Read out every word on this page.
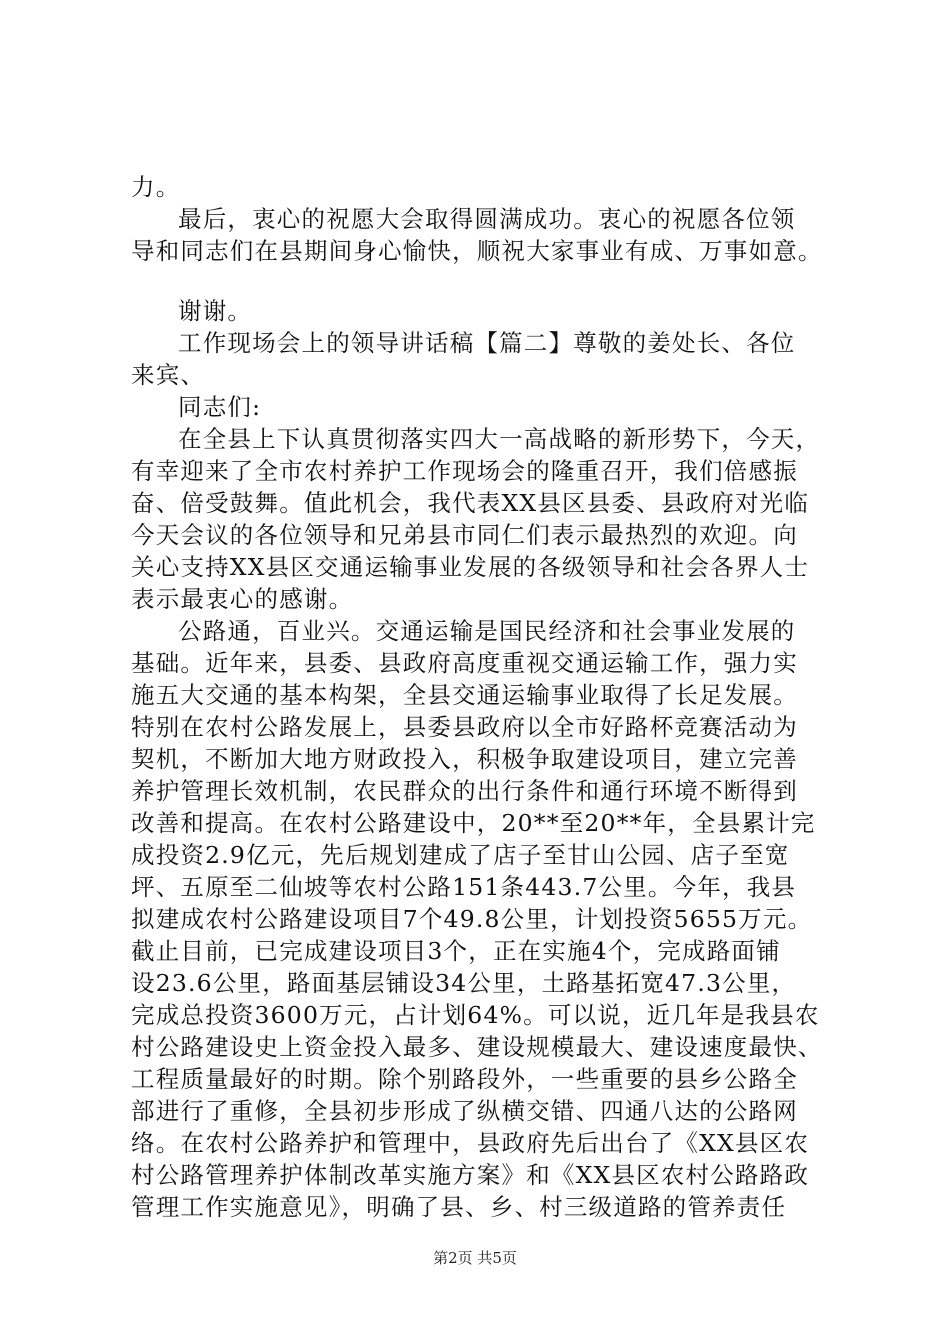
力。
最后，衷心的祝愿大会取得圆满成功。衷心的祝愿各位领
导和同志们在县期间身心愉快，顺祝大家事业有成、万事如意。
谢谢。
工作现场会上的领导讲话稿【篇二】尊敬的姜处长、各位
来宾、
同志们:
在全县上下认真贯彻落实四大一高战略的新形势下，今天，
有幸迎来了全市农村养护工作现场会的隆重召开，我们倍感振
奋、倍受鼓舞。值此机会，我代表XX县区县委、县政府对光临
今天会议的各位领导和兄弟县市同仁们表示最热烈的欢迎。向
关心支持XX县区交通运输事业发展的各级领导和社会各界人士
表示最衷心的感谢。
公路通，百业兴。交通运输是国民经济和社会事业发展的
基础。近年来，县委、县政府高度重视交通运输工作，强力实
施五大交通的基本构架，全县交通运输事业取得了长足发展。
特别在农村公路发展上，县委县政府以全市好路杯竞赛活动为
契机，不断加大地方财政投入，积极争取建设项目，建立完善
养护管理长效机制，农民群众的出行条件和通行环境不断得到
改善和提高。在农村公路建设中，20**至20**年，全县累计完
成投资2.9亿元，先后规划建成了店子至甘山公园、店子至宽
坪、五原至二仙坡等农村公路151条443.7公里。今年，我县
拟建成农村公路建设项目7个49.8公里，计划投资5655万元。
截止目前，已完成建设项目3个，正在实施4个，完成路面铺
设23.6公里，路面基层铺设34公里，土路基拓宽47.3公里，
完成总投资3600万元，占计划64%。可以说，近几年是我县农
村公路建设史上资金投入最多、建设规模最大、建设速度最快、
工程质量最好的时期。除个别路段外，一些重要的县乡公路全
部进行了重修，全县初步形成了纵横交错、四通八达的公路网
络。在农村公路养护和管理中，县政府先后出台了《XX县区农
村公路管理养护体制改革实施方案》和《XX县区农村公路路政
管理工作实施意见》，明确了县、乡、村三级道路的管养责任
第2页 共5页
